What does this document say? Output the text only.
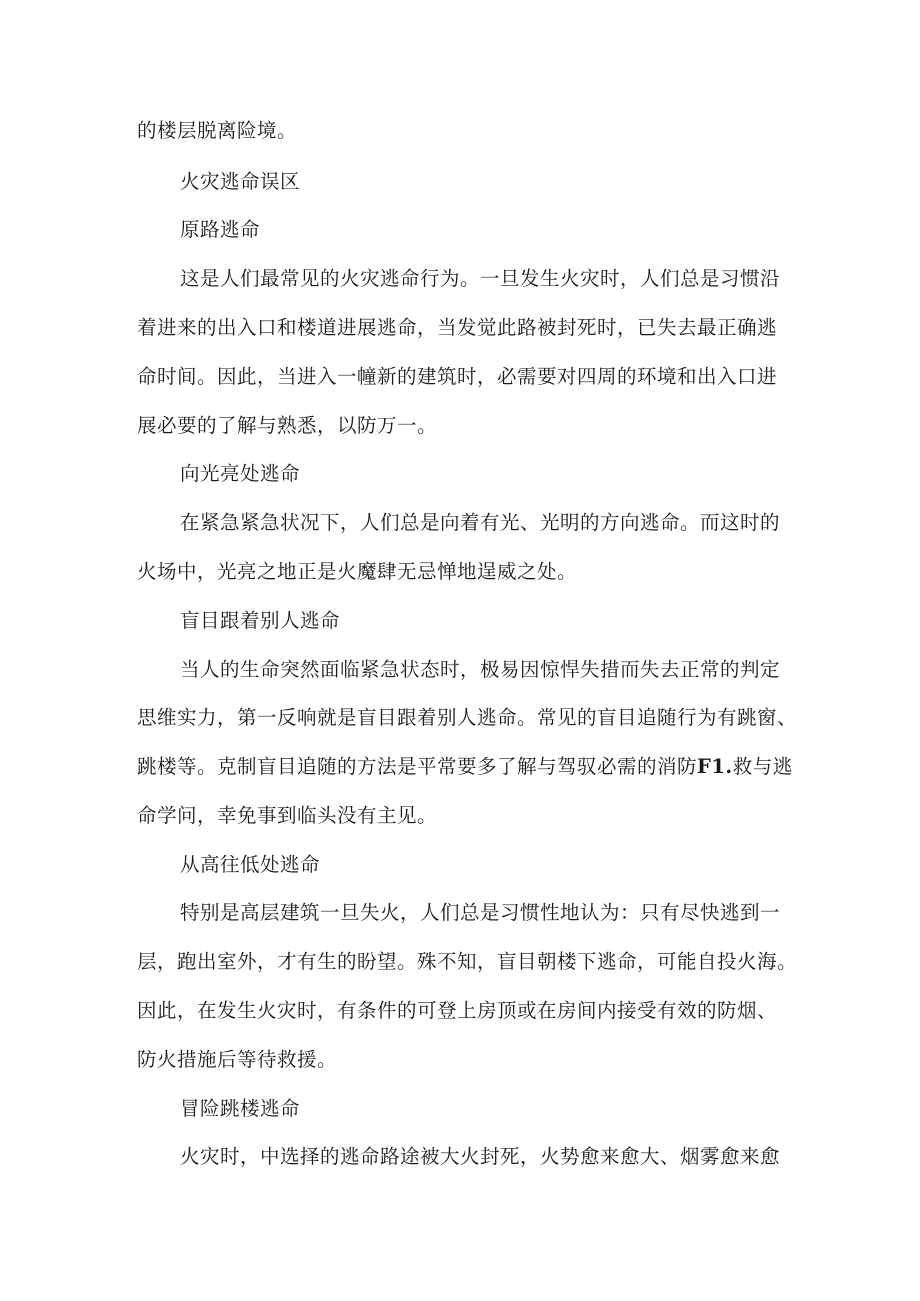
的楼层脱离险境。
火灾逃命误区
原路逃命
这是人们最常见的火灾逃命行为。一旦发生火灾时，人们总是习惯沿
着进来的出入口和楼道进展逃命，当发觉此路被封死时，已失去最正确逃
命时间。因此，当进入一幢新的建筑时，必需要对四周的环境和出入口进
展必要的了解与熟悉，以防万一。
向光亮处逃命
在紧急紧急状况下，人们总是向着有光、光明的方向逃命。而这时的
火场中，光亮之地正是火魔肆无忌惮地逞威之处。
盲目跟着别人逃命
当人的生命突然面临紧急状态时，极易因惊悍失措而失去正常的判定
思维实力，第一反响就是盲目跟着别人逃命。常见的盲目追随行为有跳窗、
跳楼等。克制盲目追随的方法是平常要多了解与驾驭必需的消防F1.救与逃
命学问，幸免事到临头没有主见。
从高往低处逃命
特别是高层建筑一旦失火，人们总是习惯性地认为：只有尽快逃到一
层，跑出室外，才有生的盼望。殊不知，盲目朝楼下逃命，可能自投火海。
因此，在发生火灾时，有条件的可登上房顶或在房间内接受有效的防烟、
防火措施后等待救援。
冒险跳楼逃命
火灾时，中选择的逃命路途被大火封死，火势愈来愈大、烟雾愈来愈
